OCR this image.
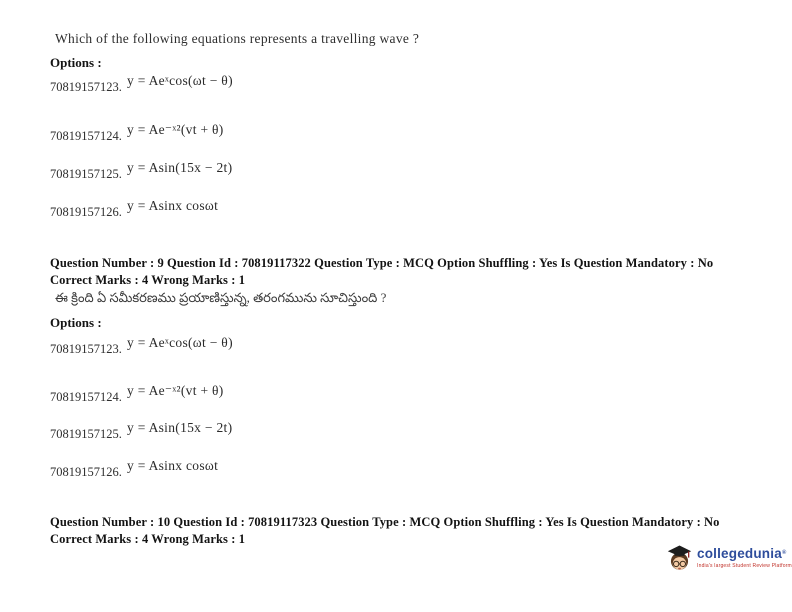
Which of the following equations represents a travelling wave ?
Options :
70819157123. $^{y = Aeˣcos(\omega t - \theta)}$
70819157124. $^{y = Ae^-ˣ^2(vt + \theta)}$
70819157125. $^{y = Asin(15x - 2t)}$
70819157126. $^{y = Asinx cos\omega t}$
Question Number : 9 Question Id : 70819117322 Question Type : MCQ Option Shuffling : Yes Is Question Mandatory : No
Correct Marks : 4 Wrong Marks : 1
ఈ క్రింది ఏ సమీకరణము ప్రయాణిస్తున్న, తరంగమును సూచిస్తుంది ?
Options :
70819157123. $^{y = Aeˣcos(\omega t - \theta)}$
70819157124. $^{y = Ae^-ˣ^2(vt + \theta)}$
70819157125. $^{y = Asin(15x - 2t)}$
70819157126. $^{y = Asinx cos\omega t}$
Question Number : 10 Question Id : 70819117323 Question Type : MCQ Option Shuffling : Yes Is Question Mandatory : No
Correct Marks : 4 Wrong Marks : 1
collegedunia®
India's largest Student Review Platform
